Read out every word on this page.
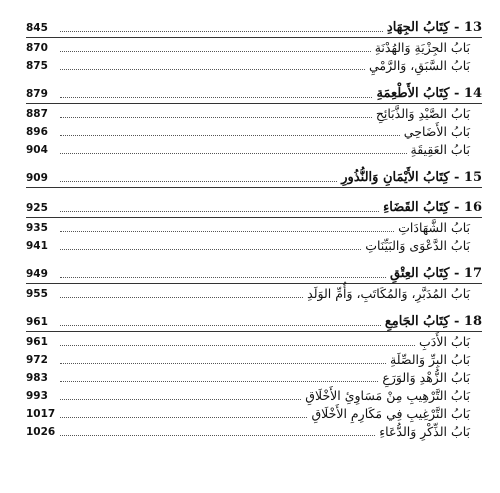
13 - كِتَابُ الجِهَادِ
845
بَابُ الجِزْيَةِ وَالهُدْنَةِ
870
بَابُ السَّبَقِ، وَالرَّمْيِ
875
14 - كِتَابُ الأَطْعِمَةِ
879
بَابُ الصَّيْدِ وَالذَّبَائِحِ
887
بَابُ الأَضَاحِي
896
بَابُ العَقِيقَةِ
904
15 - كِتَابُ الأَيْمَانِ وَالنُّذُورِ
909
16 - كِتَابُ القَضَاءِ
925
بَابُ الشَّهَادَاتِ
935
بَابُ الدَّعْوَى وَالبَيِّنَاتِ
941
17 - كِتَابُ العِتْقِ
949
بَابُ المُدَبَّرِ، وَالمُكَاتَبِ، وَأُمِّ الوَلَدِ
955
18 - كِتَابُ الجَامِعِ
961
بَابُ الأَدَبِ
961
بَابُ البِرِّ وَالصِّلَةِ
972
بَابُ الزُّهْدِ وَالوَرَعِ
983
بَابُ التَّرْهِيبِ مِنْ مَسَاوِئِ الأَخْلَاقِ
993
بَابُ التَّرْغِيبِ فِي مَكَارِمِ الأَخْلَاقِ
1017
بَابُ الذِّكْرِ وَالدُّعَاءِ
1026
